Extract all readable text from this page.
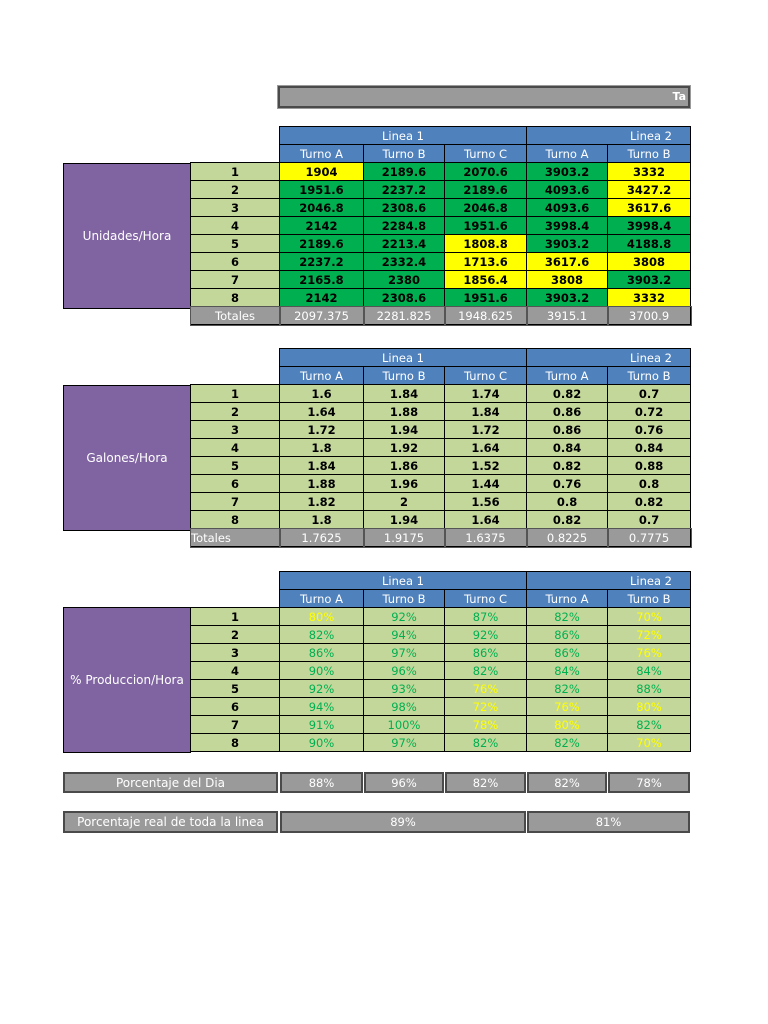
Ta
Unidades/Hora
	Linea 1			Linea 2	
	Turno A	Turno B	Turno C	Turno A	Turno B
1	1904	2189.6	2070.6	3903.2	3332
2	1951.6	2237.2	2189.6	4093.6	3427.2
3	2046.8	2308.6	2046.8	4093.6	3617.6
4	2142	2284.8	1951.6	3998.4	3998.4
5	2189.6	2213.4	1808.8	3903.2	4188.8
6	2237.2	2332.4	1713.6	3617.6	3808
7	2165.8	2380	1856.4	3808	3903.2
8	2142	2308.6	1951.6	3903.2	3332
Totales	2097.375	2281.825	1948.625	3915.1	3700.9
Galones/Hora
	Linea 1			Linea 2	
	Turno A	Turno B	Turno C	Turno A	Turno B
1	1.6	1.84	1.74	0.82	0.7
2	1.64	1.88	1.84	0.86	0.72
3	1.72	1.94	1.72	0.86	0.76
4	1.8	1.92	1.64	0.84	0.84
5	1.84	1.86	1.52	0.82	0.88
6	1.88	1.96	1.44	0.76	0.8
7	1.82	2	1.56	0.8	0.82
8	1.8	1.94	1.64	0.82	0.7
Totales	1.7625	1.9175	1.6375	0.8225	0.7775
% Produccion/Hora
	Linea 1			Linea 2	
	Turno A	Turno B	Turno C	Turno A	Turno B
1	80%	92%	87%	82%	70%
2	82%	94%	92%	86%	72%
3	86%	97%	86%	86%	76%
4	90%	96%	82%	84%	84%
5	92%	93%	76%	82%	88%
6	94%	98%	72%	76%	80%
7	91%	100%	78%	80%	82%
8	90%	97%	82%	82%	70%
Porcentaje del Dia	88%	96%	82%	82%	78%
Porcentaje real de toda la linea	89%	81%
